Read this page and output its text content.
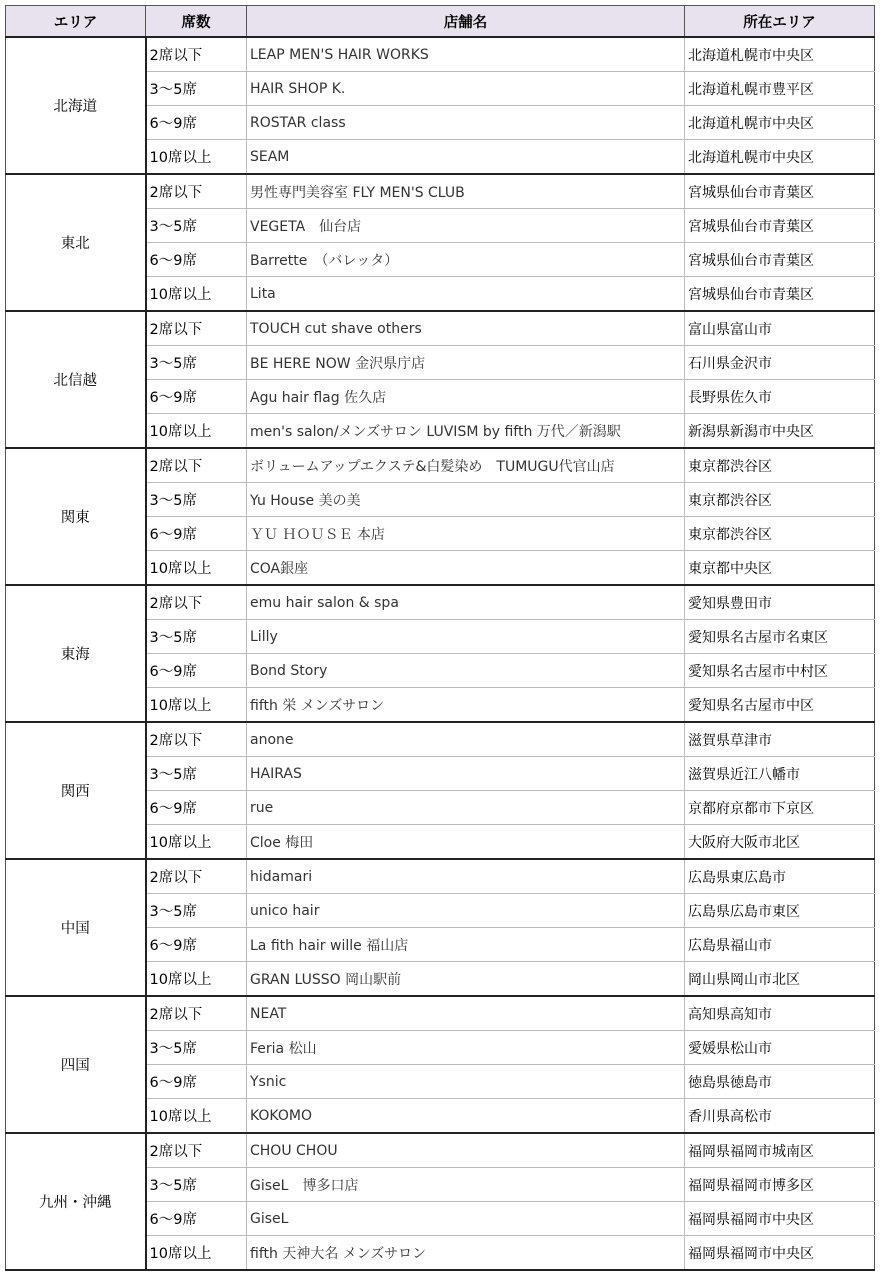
エリア	席数	店舗名	所在エリア
北海道	2席以下	LEAP MEN'S HAIR WORKS	北海道札幌市中央区
	3〜5席	HAIR SHOP K.	北海道札幌市豊平区
	6〜9席	ROSTAR class	北海道札幌市中央区
	10席以上	SEAM	北海道札幌市中央区
東北	2席以下	男性専門美容室 FLY MEN'S CLUB	宮城県仙台市青葉区
	3〜5席	VEGETA　仙台店	宮城県仙台市青葉区
	6〜9席	Barrette　（バレッタ）	宮城県仙台市青葉区
	10席以上	Lita	宮城県仙台市青葉区
北信越	2席以下	TOUCH cut shave others	富山県富山市
	3〜5席	BE HERE NOW 金沢県庁店	石川県金沢市
	6〜9席	Agu hair flag 佐久店	長野県佐久市
	10席以上	men's salon/メンズサロン LUVISM by fifth 万代／新潟駅	新潟県新潟市中央区
関東	2席以下	ボリュームアップエクステ&白髪染め　TUMUGU代官山店	東京都渋谷区
	3〜5席	Yu House 美の美	東京都渋谷区
	6〜9席	ＹＵ ＨＯＵＳＥ 本店	東京都渋谷区
	10席以上	COA銀座	東京都中央区
東海	2席以下	emu hair salon & spa	愛知県豊田市
	3〜5席	Lilly	愛知県名古屋市名東区
	6〜9席	Bond Story	愛知県名古屋市中村区
	10席以上	fifth 栄 メンズサロン	愛知県名古屋市中区
関西	2席以下	anone	滋賀県草津市
	3〜5席	HAIRAS	滋賀県近江八幡市
	6〜9席	rue	京都府京都市下京区
	10席以上	Cloe 梅田	大阪府大阪市北区
中国	2席以下	hidamari	広島県東広島市
	3〜5席	unico hair	広島県広島市東区
	6〜9席	La fith hair wille 福山店	広島県福山市
	10席以上	GRAN LUSSO 岡山駅前	岡山県岡山市北区
四国	2席以下	NEAT	高知県高知市
	3〜5席	Feria 松山	愛媛県松山市
	6〜9席	Ysnic	徳島県徳島市
	10席以上	KOKOMO	香川県高松市
九州・沖縄	2席以下	CHOU CHOU	福岡県福岡市城南区
	3〜5席	GiseL　博多口店	福岡県福岡市博多区
	6〜9席	GiseL	福岡県福岡市中央区
	10席以上	fifth 天神大名 メンズサロン	福岡県福岡市中央区
